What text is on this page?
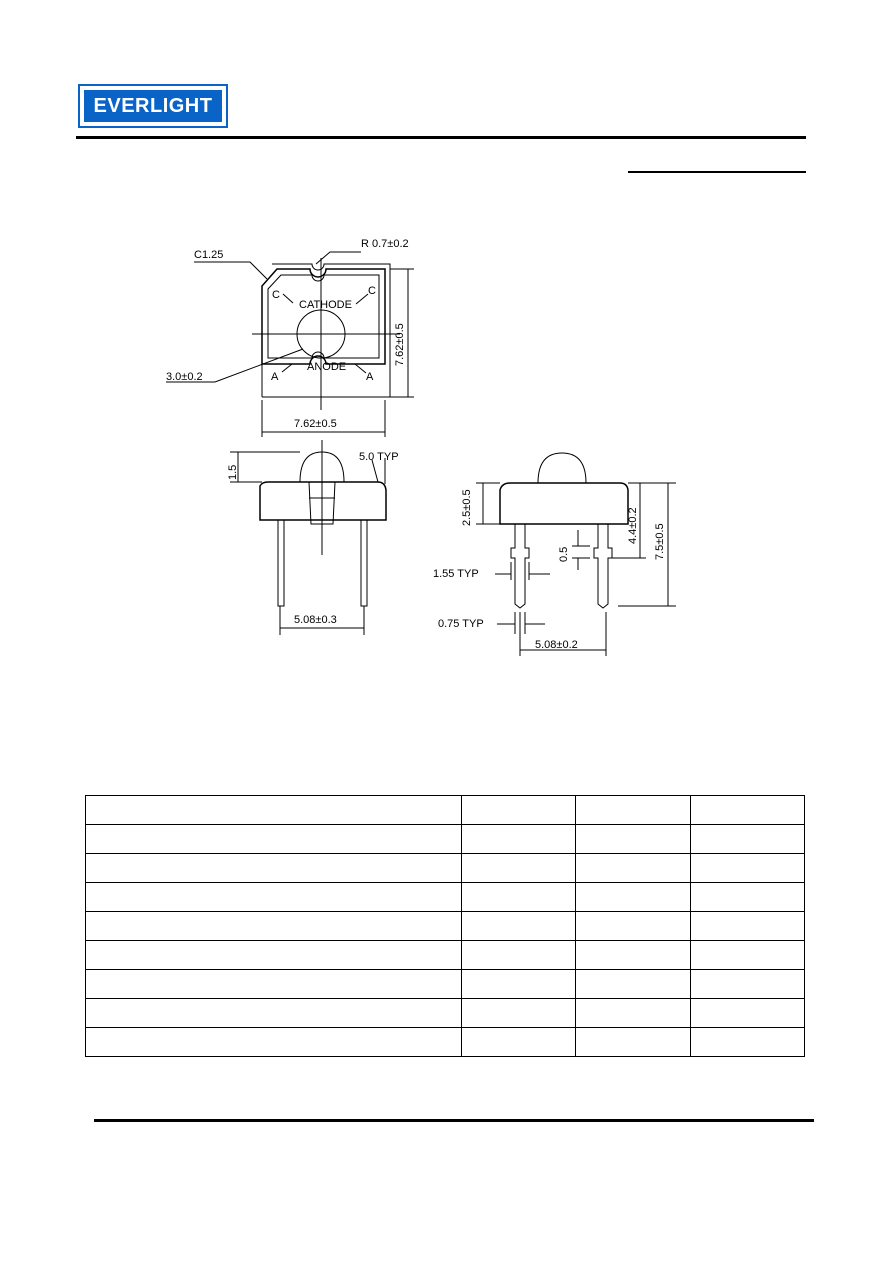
EVERLIGHT
C1.25
R 0.7±0.2
C	C
CATHODE
ANODE
A	A
3.0±0.2
7.62±0.5
7.62±0.5
1.5
5.0 TYP
5.08±0.3
2.5±0.5
0.5
1.55 TYP
0.75 TYP
5.08±0.2
4.4±0.2 7.5±0.5
